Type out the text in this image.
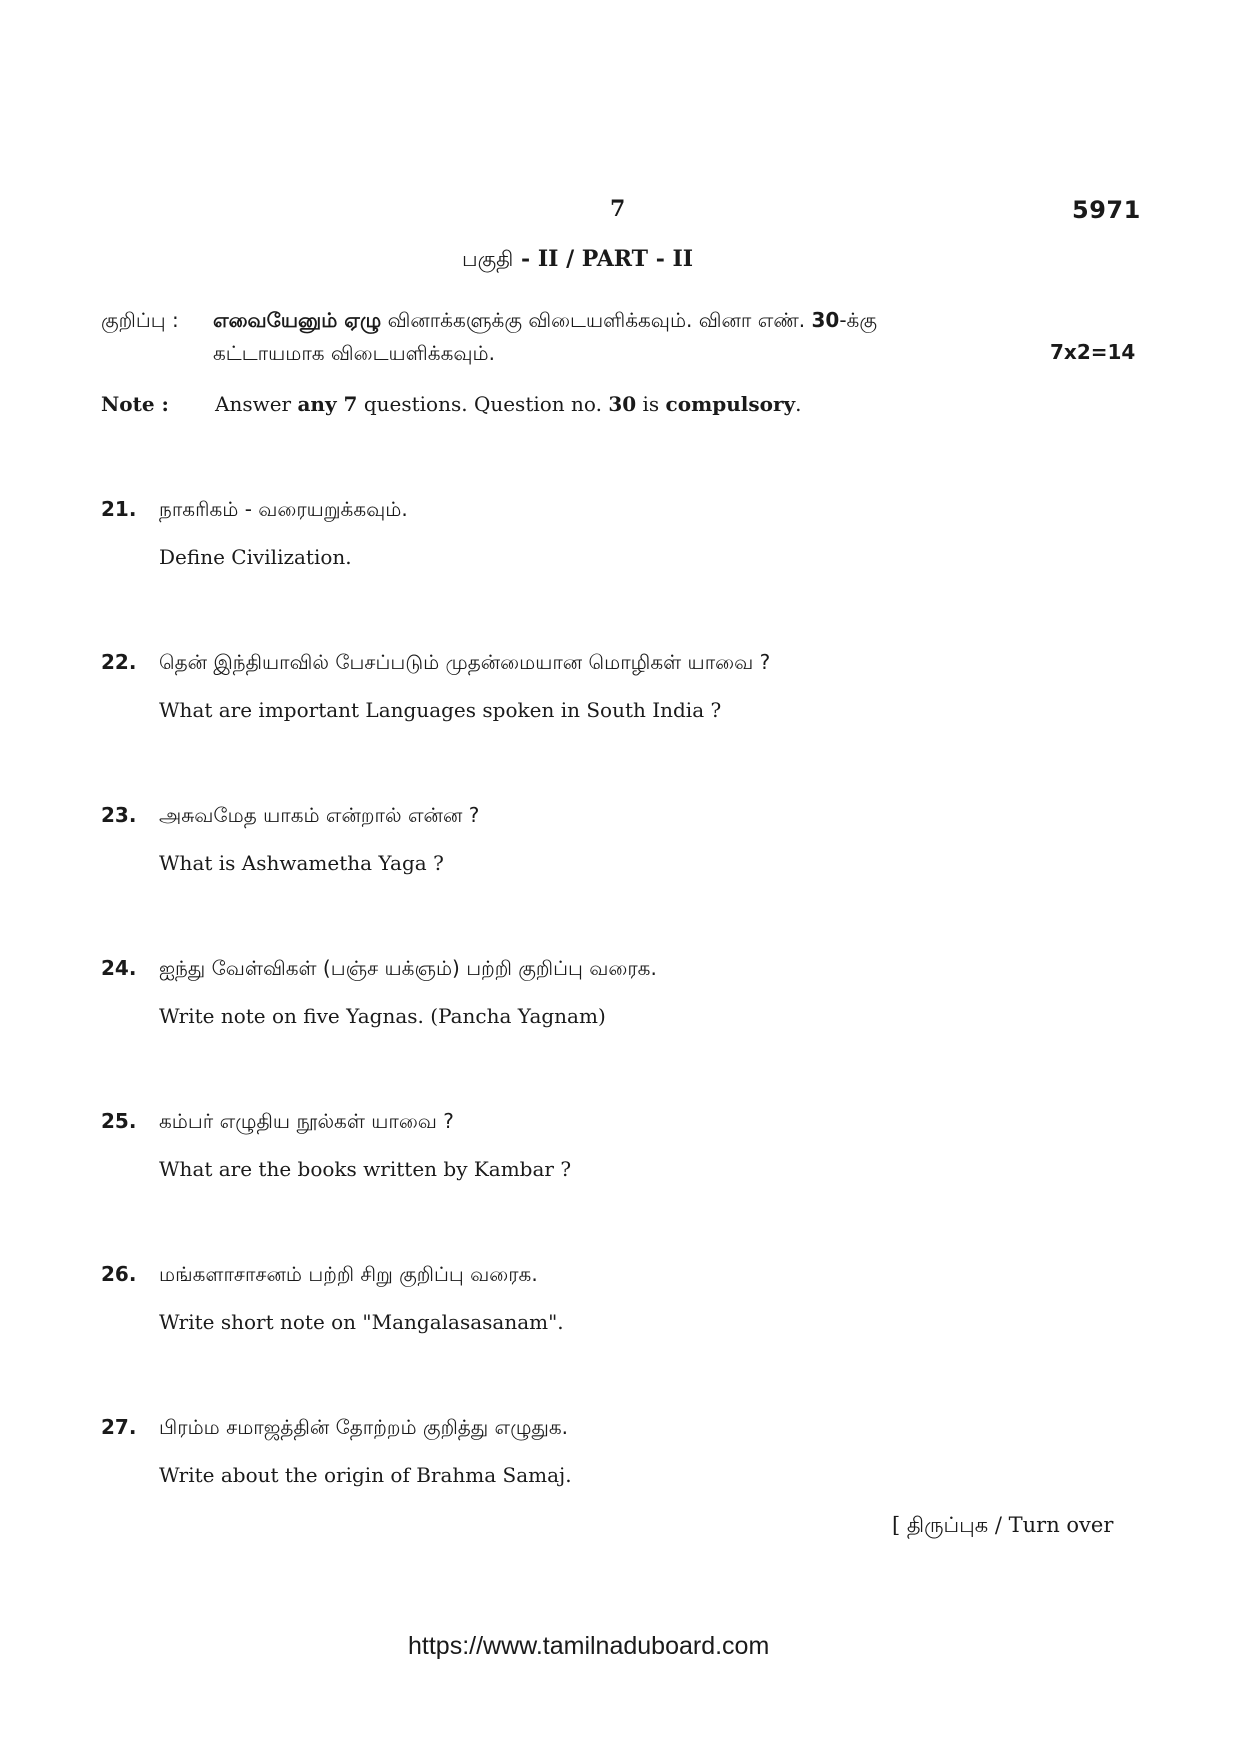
7	5971
பகுதி - II / PART - II
குறிப்பு : எவையேனும் ஏழு வினாக்களுக்கு விடையளிக்கவும். வினா எண். 30-க்கு
கட்டாயமாக விடையளிக்கவும்.	7x2=14
Note : Answer any 7 questions. Question no. 30 is compulsory.
21. நாகரிகம் - வரையறுக்கவும்.
Define Civilization.
22. தென் இந்தியாவில் பேசப்படும் முதன்மையான மொழிகள் யாவை ?
What are important Languages spoken in South India ?
23. அசுவமேத யாகம் என்றால் என்ன ?
What is Ashwametha Yaga ?
24. ஐந்து வேள்விகள் (பஞ்ச யக்ஞம்) பற்றி குறிப்பு வரைக.
Write note on five Yagnas. (Pancha Yagnam)
25. கம்பர் எழுதிய நூல்கள் யாவை ?
What are the books written by Kambar ?
26. மங்களாசாசனம் பற்றி சிறு குறிப்பு வரைக.
Write short note on "Mangalasasanam".
27. பிரம்ம சமாஜத்தின் தோற்றம் குறித்து எழுதுக.
Write about the origin of Brahma Samaj.
[ திருப்புக / Turn over
https://www.tamilnaduboard.com
